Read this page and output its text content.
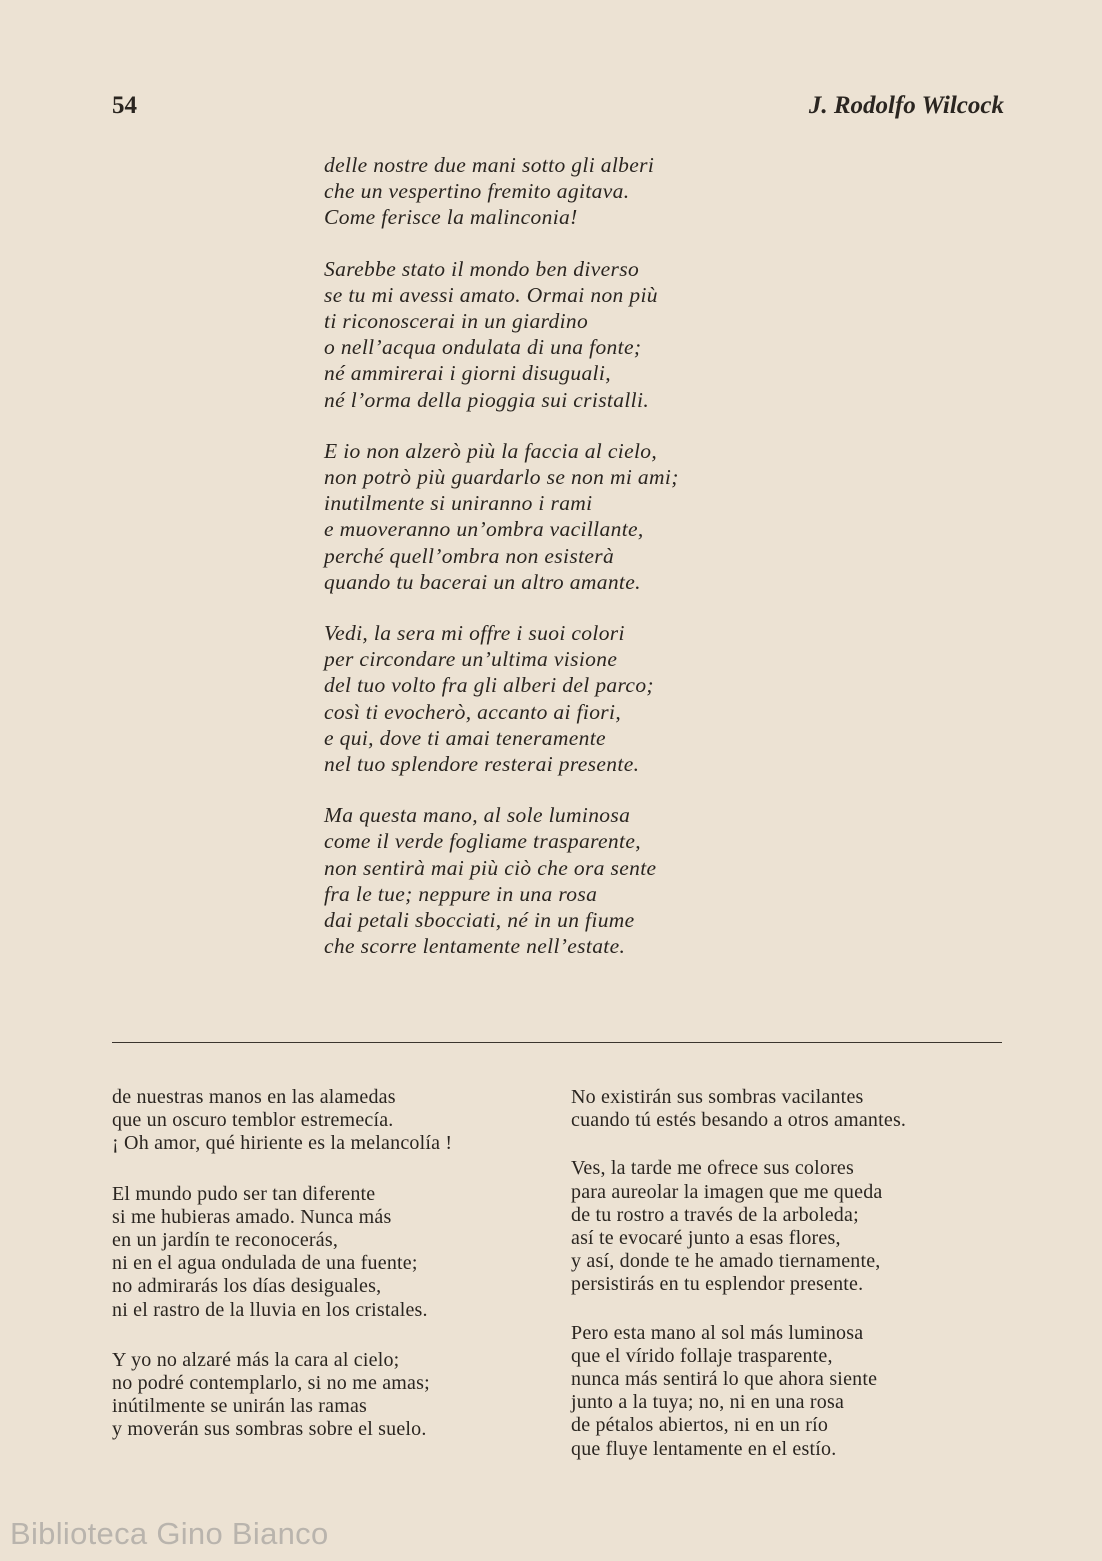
54	J. Rodolfo Wilcock
delle nostre due mani sotto gli alberi
che un vespertino fremito agitava.
Come ferisce la malinconia!
Sarebbe stato il mondo ben diverso
se tu mi avessi amato. Ormai non più
ti riconoscerai in un giardino
o nell’acqua ondulata di una fonte;
né ammirerai i giorni disuguali,
né l’orma della pioggia sui cristalli.
E io non alzerò più la faccia al cielo,
non potrò più guardarlo se non mi ami;
inutilmente si uniranno i rami
e muoveranno un’ombra vacillante,
perché quell’ombra non esisterà
quando tu bacerai un altro amante.
Vedi, la sera mi offre i suoi colori
per circondare un’ultima visione
del tuo volto fra gli alberi del parco;
così ti evocherò, accanto ai fiori,
e qui, dove ti amai teneramente
nel tuo splendore resterai presente.
Ma questa mano, al sole luminosa
come il verde fogliame trasparente,
non sentirà mai più ciò che ora sente
fra le tue; neppure in una rosa
dai petali sbocciati, né in un fiume
che scorre lentamente nell’estate.
de nuestras manos en las alamedas
que un oscuro temblor estremecía.
¡ Oh amor, qué hiriente es la melancolía !
El mundo pudo ser tan diferente
si me hubieras amado. Nunca más
en un jardín te reconocerás,
ni en el agua ondulada de una fuente;
no admirarás los días desiguales,
ni el rastro de la lluvia en los cristales.
Y yo no alzaré más la cara al cielo;
no podré contemplarlo, si no me amas;
inútilmente se unirán las ramas
y moverán sus sombras sobre el suelo.
No existirán sus sombras vacilantes
cuando tú estés besando a otros amantes.
Ves, la tarde me ofrece sus colores
para aureolar la imagen que me queda
de tu rostro a través de la arboleda;
así te evocaré junto a esas flores,
y así, donde te he amado tiernamente,
persistirás en tu esplendor presente.
Pero esta mano al sol más luminosa
que el vírido follaje trasparente,
nunca más sentirá lo que ahora siente
junto a la tuya; no, ni en una rosa
de pétalos abiertos, ni en un río
que fluye lentamente en el estío.
Biblioteca Gino Bianco
